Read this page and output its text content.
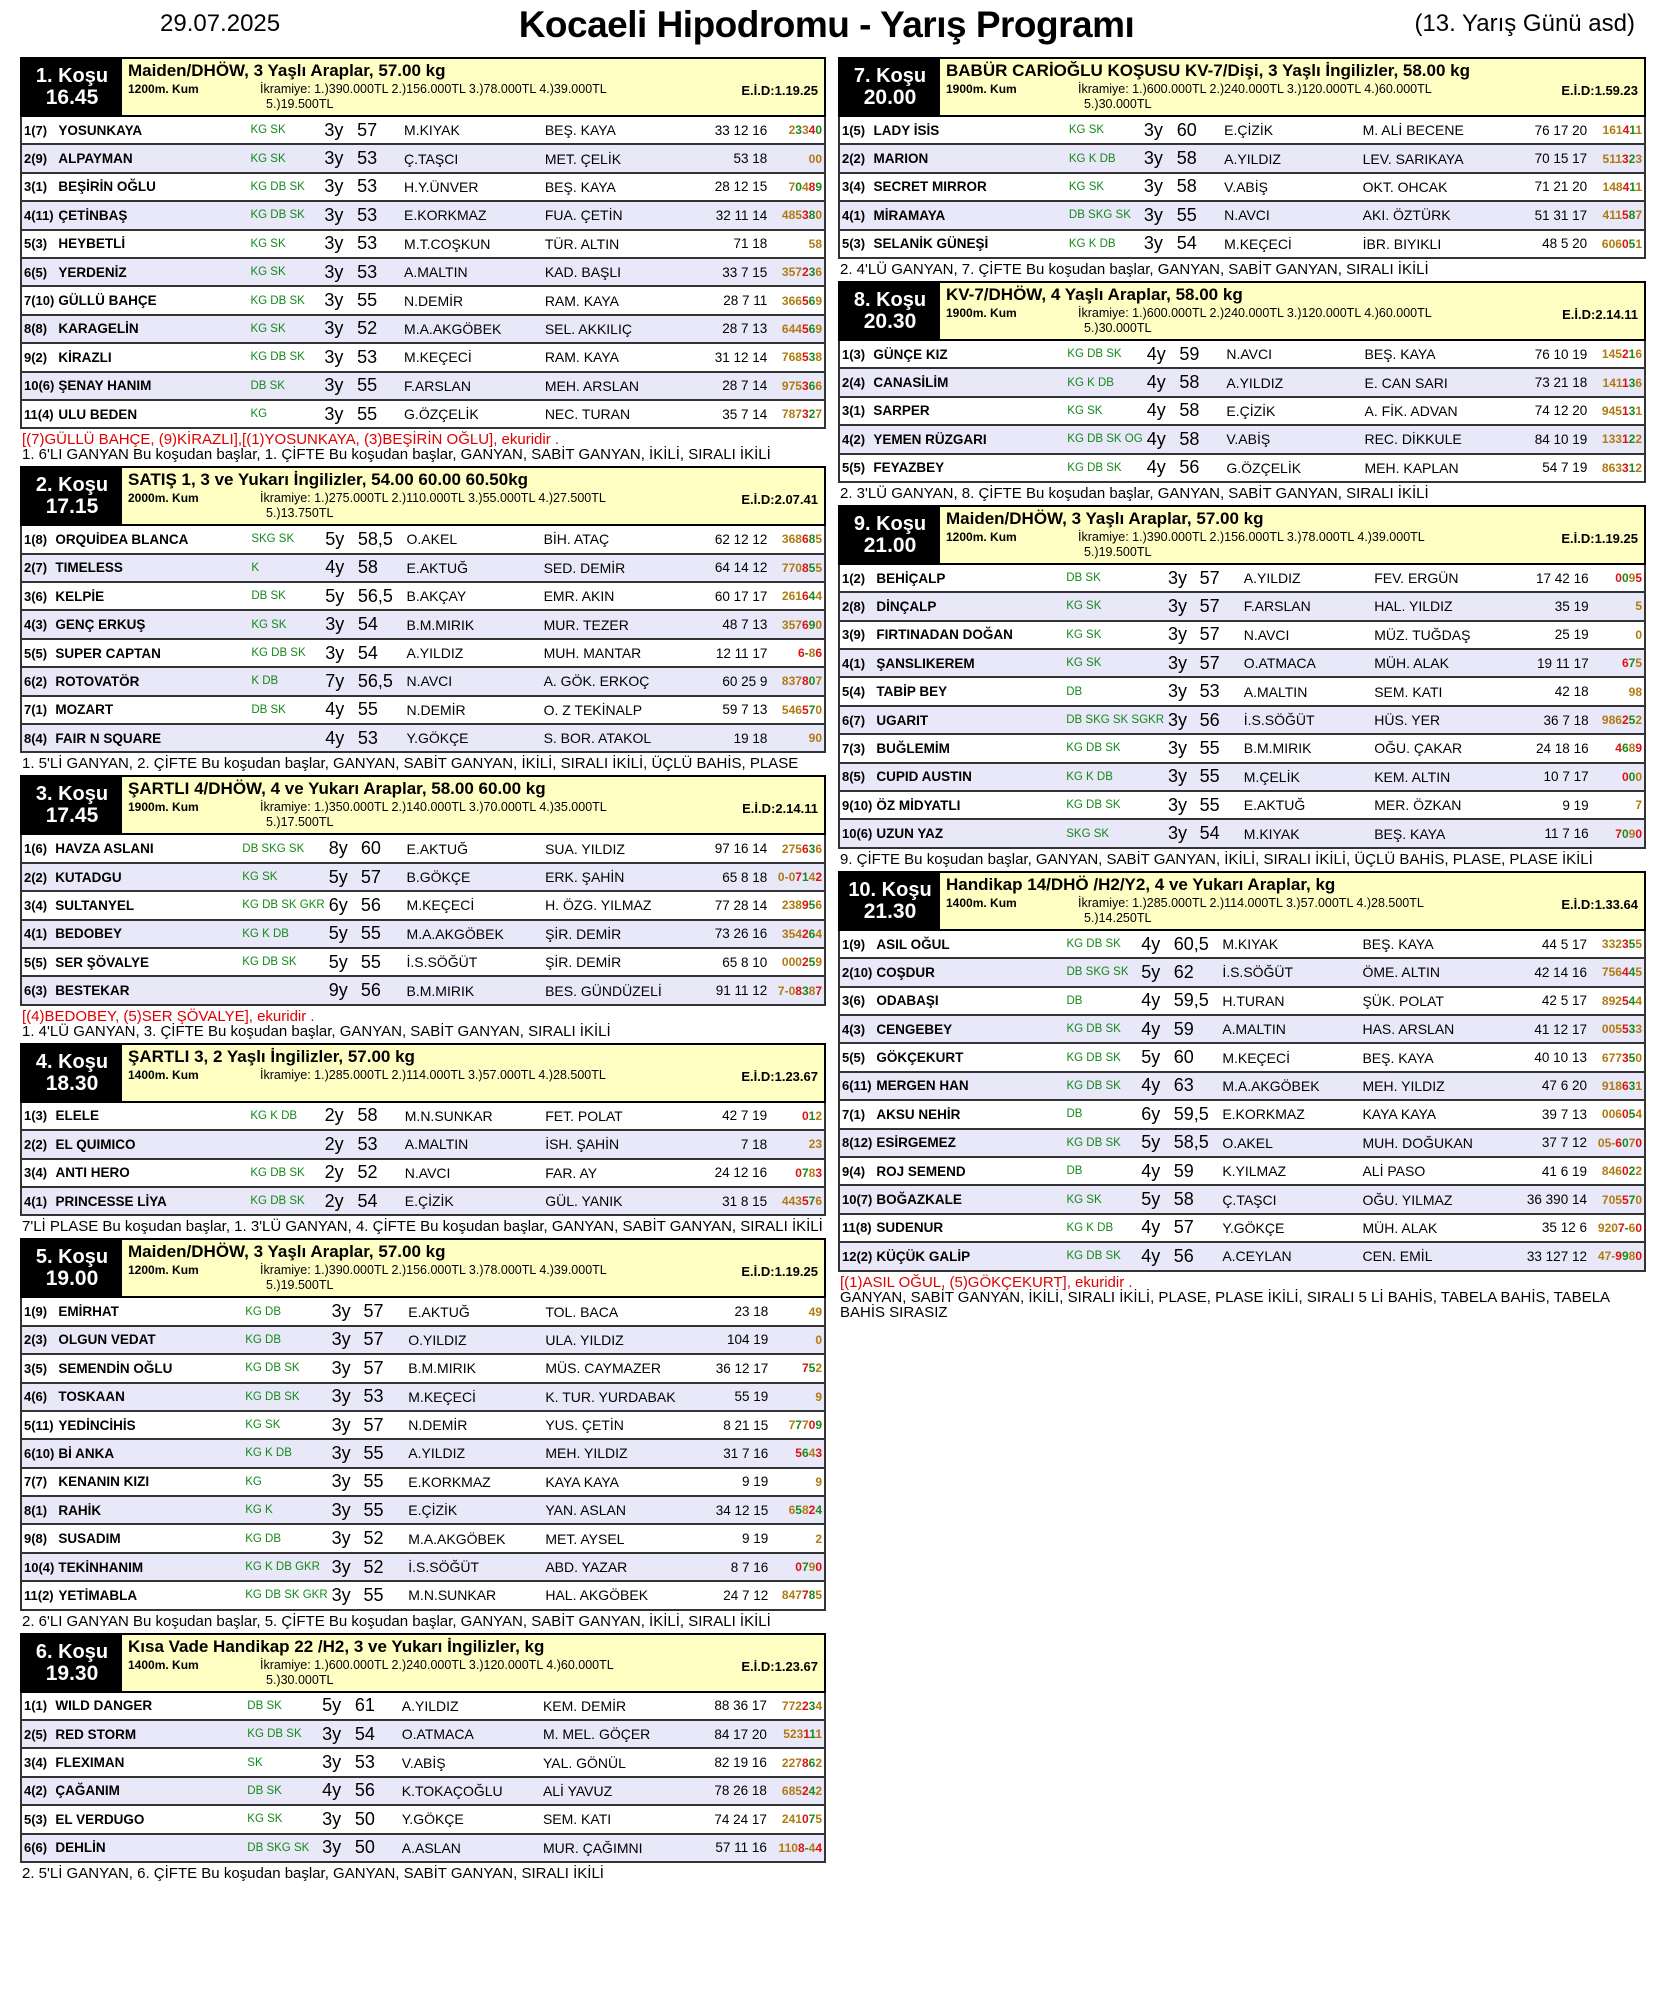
29.07.2025	Kocaeli Hipodromu - Yarış Programı	(13. Yarış Günü asd)
1. Koşu
16.45
Maiden/DHÖW, 3 Yaşlı Araplar, 57.00 kg
1200m. Kum	İkramiye: 1.)390.000TL 2.)156.000TL 3.)78.000TL 4.)39.000TL
5.)19.500TL
E.İ.D:1.19.25
1(7)	YOSUNKAYA	KG SK	3y	57	M.KIYAK	BEŞ. KAYA	33 12 16	23340
2(9)	ALPAYMAN	KG SK	3y	53	Ç.TAŞCI	MET. ÇELİK	53 18	00
3(1)	BEŞİRİN OĞLU	KG DB SK	3y	53	H.Y.ÜNVER	BEŞ. KAYA	28 12 15	70489
4(11)	ÇETİNBAŞ	KG DB SK	3y	53	E.KORKMAZ	FUA. ÇETİN	32 11 14	485380
5(3)	HEYBETLİ	KG SK	3y	53	M.T.COŞKUN	TÜR. ALTIN	71 18	58
6(5)	YERDENİZ	KG SK	3y	53	A.MALTIN	KAD. BAŞLI	33 7 15	357236
7(10)	GÜLLÜ BAHÇE	KG DB SK	3y	55	N.DEMİR	RAM. KAYA	28 7 11	366569
8(8)	KARAGELİN	KG SK	3y	52	M.A.AKGÖBEK	SEL. AKKILIÇ	28 7 13	644569
9(2)	KİRAZLI	KG DB SK	3y	53	M.KEÇECİ	RAM. KAYA	31 12 14	768538
10(6)	ŞENAY HANIM	DB SK	3y	55	F.ARSLAN	MEH. ARSLAN	28 7 14	975366
11(4)	ULU BEDEN	KG	3y	55	G.ÖZÇELİK	NEC. TURAN	35 7 14	787327
[(7)GÜLLÜ BAHÇE, (9)KİRAZLI],[(1)YOSUNKAYA, (3)BEŞİRİN OĞLU], ekuridir .
1. 6'LI GANYAN Bu koşudan başlar, 1. ÇİFTE Bu koşudan başlar, GANYAN, SABİT GANYAN, İKİLİ, SIRALI İKİLİ
2. Koşu
17.15
SATIŞ 1, 3 ve Yukarı İngilizler, 54.00 60.00 60.50kg
2000m. Kum	İkramiye: 1.)275.000TL 2.)110.000TL 3.)55.000TL 4.)27.500TL
5.)13.750TL
E.İ.D:2.07.41
1(8)	ORQUİDEA BLANCA	SKG SK	5y	58,5	O.AKEL	BİH. ATAÇ	62 12 12	368685
2(7)	TIMELESS	K	4y	58	E.AKTUĞ	SED. DEMİR	64 14 12	770855
3(6)	KELPİE	DB SK	5y	56,5	B.AKÇAY	EMR. AKIN	60 17 17	261644
4(3)	GENÇ ERKUŞ	KG SK	3y	54	B.M.MIRIK	MUR. TEZER	48 7 13	357690
5(5)	SUPER CAPTAN	KG DB SK	3y	54	A.YILDIZ	MUH. MANTAR	12 11 17	6-86
6(2)	ROTOVATÖR	K DB	7y	56,5	N.AVCI	A. GÖK. ERKOÇ	60 25 9	837807
7(1)	MOZART	DB SK	4y	55	N.DEMİR	O. Z TEKİNALP	59 7 13	546570
8(4)	FAIR N SQUARE		4y	53	Y.GÖKÇE	S. BOR. ATAKOL	19 18	90
1. 5'Lİ GANYAN, 2. ÇİFTE Bu koşudan başlar, GANYAN, SABİT GANYAN, İKİLİ, SIRALI İKİLİ, ÜÇLÜ BAHİS, PLASE
3. Koşu
17.45
ŞARTLI 4/DHÖW, 4 ve Yukarı Araplar, 58.00 60.00 kg
1900m. Kum	İkramiye: 1.)350.000TL 2.)140.000TL 3.)70.000TL 4.)35.000TL
5.)17.500TL
E.İ.D:2.14.11
1(6)	HAVZA ASLANI	DB SKG SK	8y	60	E.AKTUĞ	SUA. YILDIZ	97 16 14	275636
2(2)	KUTADGU	KG SK	5y	57	B.GÖKÇE	ERK. ŞAHİN	65 8 18	0-07142
3(4)	SULTANYEL	KG DB SK GKR	6y	56	M.KEÇECİ	H. ÖZG. YILMAZ	77 28 14	238956
4(1)	BEDOBEY	KG K DB	5y	55	M.A.AKGÖBEK	ŞİR. DEMİR	73 26 16	354264
5(5)	SER ŞÖVALYE	KG DB SK	5y	55	İ.S.SÖĞÜT	ŞİR. DEMİR	65 8 10	000259
6(3)	BESTEKAR		9y	56	B.M.MIRIK	BES. GÜNDÜZELİ	91 11 12	7-08387
[(4)BEDOBEY, (5)SER ŞÖVALYE], ekuridir .
1. 4'LÜ GANYAN, 3. ÇİFTE Bu koşudan başlar, GANYAN, SABİT GANYAN, SIRALI İKİLİ
4. Koşu
18.30
ŞARTLI 3, 2 Yaşlı İngilizler, 57.00 kg
1400m. Kum	İkramiye: 1.)285.000TL 2.)114.000TL 3.)57.000TL 4.)28.500TL	E.İ.D:1.23.67
1(3)	ELELE	KG K DB	2y	58	M.N.SUNKAR	FET. POLAT	42 7 19	012
2(2)	EL QUIMICO		2y	53	A.MALTIN	İSH. ŞAHİN	7 18	23
3(4)	ANTI HERO	KG DB SK	2y	52	N.AVCI	FAR. AY	24 12 16	0783
4(1)	PRINCESSE LİYA	KG DB SK	2y	54	E.ÇİZİK	GÜL. YANIK	31 8 15	443576
7'Lİ PLASE Bu koşudan başlar, 1. 3'LÜ GANYAN, 4. ÇİFTE Bu koşudan başlar, GANYAN, SABİT GANYAN, SIRALI İKİLİ
5. Koşu
19.00
Maiden/DHÖW, 3 Yaşlı Araplar, 57.00 kg
1200m. Kum	İkramiye: 1.)390.000TL 2.)156.000TL 3.)78.000TL 4.)39.000TL
5.)19.500TL
E.İ.D:1.19.25
1(9)	EMİRHAT	KG DB	3y	57	E.AKTUĞ	TOL. BACA	23 18	49
2(3)	OLGUN VEDAT	KG DB	3y	57	O.YILDIZ	ULA. YILDIZ	104 19	0
3(5)	SEMENDİN OĞLU	KG DB SK	3y	57	B.M.MIRIK	MÜS. CAYMAZER	36 12 17	752
4(6)	TOSKAAN	KG DB SK	3y	53	M.KEÇECİ	K. TUR. YURDABAK	55 19	9
5(11)	YEDİNCİHİS	KG SK	3y	57	N.DEMİR	YUS. ÇETİN	8 21 15	77709
6(10)	Bİ ANKA	KG K DB	3y	55	A.YILDIZ	MEH. YILDIZ	31 7 16	5643
7(7)	KENANIN KIZI	KG	3y	55	E.KORKMAZ	KAYA KAYA	9 19	9
8(1)	RAHİK	KG K	3y	55	E.ÇİZİK	YAN. ASLAN	34 12 15	65824
9(8)	SUSADIM	KG DB	3y	52	M.A.AKGÖBEK	MET. AYSEL	9 19	2
10(4)	TEKİNHANIM	KG K DB GKR	3y	52	İ.S.SÖĞÜT	ABD. YAZAR	8 7 16	0790
11(2)	YETİMABLA	KG DB SK GKR	3y	55	M.N.SUNKAR	HAL. AKGÖBEK	24 7 12	847785
2. 6'LI GANYAN Bu koşudan başlar, 5. ÇİFTE Bu koşudan başlar, GANYAN, SABİT GANYAN, İKİLİ, SIRALI İKİLİ
6. Koşu
19.30
Kısa Vade Handikap 22 /H2, 3 ve Yukarı İngilizler, kg
1400m. Kum	İkramiye: 1.)600.000TL 2.)240.000TL 3.)120.000TL 4.)60.000TL
5.)30.000TL
E.İ.D:1.23.67
1(1)	WILD DANGER	DB SK	5y	61	A.YILDIZ	KEM. DEMİR	88 36 17	772234
2(5)	RED STORM	KG DB SK	3y	54	O.ATMACA	M. MEL. GÖÇER	84 17 20	523111
3(4)	FLEXIMAN	SK	3y	53	V.ABİŞ	YAL. GÖNÜL	82 19 16	227862
4(2)	ÇAĞANIM	DB SK	4y	56	K.TOKAÇOĞLU	ALİ YAVUZ	78 26 18	685242
5(3)	EL VERDUGO	KG SK	3y	50	Y.GÖKÇE	SEM. KATI	74 24 17	241075
6(6)	DEHLİN	DB SKG SK	3y	50	A.ASLAN	MUR. ÇAĞIMNI	57 11 16	1108-44
2. 5'Lİ GANYAN, 6. ÇİFTE Bu koşudan başlar, GANYAN, SABİT GANYAN, SIRALI İKİLİ
7. Koşu
20.00
BABÜR CARİOĞLU KOŞUSU KV-7/Dişi, 3 Yaşlı İngilizler, 58.00 kg
1900m. Kum	İkramiye: 1.)600.000TL 2.)240.000TL 3.)120.000TL 4.)60.000TL
5.)30.000TL
E.İ.D:1.59.23
1(5)	LADY İSİS	KG SK	3y	60	E.ÇİZİK	M. ALİ BECENE	76 17 20	161411
2(2)	MARION	KG K DB	3y	58	A.YILDIZ	LEV. SARIKAYA	70 15 17	511323
3(4)	SECRET MIRROR	KG SK	3y	58	V.ABİŞ	OKT. OHCAK	71 21 20	148411
4(1)	MİRAMAYA	DB SKG SK	3y	55	N.AVCI	AKI. ÖZTÜRK	51 31 17	411587
5(3)	SELANİK GÜNEŞİ	KG K DB	3y	54	M.KEÇECİ	İBR. BIYIKLI	48 5 20	606051
2. 4'LÜ GANYAN, 7. ÇİFTE Bu koşudan başlar, GANYAN, SABİT GANYAN, SIRALI İKİLİ
8. Koşu
20.30
KV-7/DHÖW, 4 Yaşlı Araplar, 58.00 kg
1900m. Kum	İkramiye: 1.)600.000TL 2.)240.000TL 3.)120.000TL 4.)60.000TL
5.)30.000TL
E.İ.D:2.14.11
1(3)	GÜNÇE KIZ	KG DB SK	4y	59	N.AVCI	BEŞ. KAYA	76 10 19	145216
2(4)	CANASİLİM	KG K DB	4y	58	A.YILDIZ	E. CAN SARI	73 21 18	141136
3(1)	SARPER	KG SK	4y	58	E.ÇİZİK	A. FİK. ADVAN	74 12 20	945131
4(2)	YEMEN RÜZGARI	KG DB SK OG	4y	58	V.ABİŞ	REC. DİKKULE	84 10 19	133122
5(5)	FEYAZBEY	KG DB SK	4y	56	G.ÖZÇELİK	MEH. KAPLAN	54 7 19	863312
2. 3'LÜ GANYAN, 8. ÇİFTE Bu koşudan başlar, GANYAN, SABİT GANYAN, SIRALI İKİLİ
9. Koşu
21.00
Maiden/DHÖW, 3 Yaşlı Araplar, 57.00 kg
1200m. Kum	İkramiye: 1.)390.000TL 2.)156.000TL 3.)78.000TL 4.)39.000TL
5.)19.500TL
E.İ.D:1.19.25
1(2)	BEHİÇALP	DB SK	3y	57	A.YILDIZ	FEV. ERGÜN	17 42 16	0095
2(8)	DİNÇALP	KG SK	3y	57	F.ARSLAN	HAL. YILDIZ	35 19	5
3(9)	FIRTINADAN DOĞAN	KG SK	3y	57	N.AVCI	MÜZ. TUĞDAŞ	25 19	0
4(1)	ŞANSLIKEREM	KG SK	3y	57	O.ATMACA	MÜH. ALAK	19 11 17	675
5(4)	TABİP BEY	DB	3y	53	A.MALTIN	SEM. KATI	42 18	98
6(7)	UGARIT	DB SKG SK SGKR	3y	56	İ.S.SÖĞÜT	HÜS. YER	36 7 18	986252
7(3)	BUĞLEMİM	KG DB SK	3y	55	B.M.MIRIK	OĞU. ÇAKAR	24 18 16	4689
8(5)	CUPID AUSTIN	KG K DB	3y	55	M.ÇELİK	KEM. ALTIN	10 7 17	000
9(10)	ÖZ MİDYATLI	KG DB SK	3y	55	E.AKTUĞ	MER. ÖZKAN	9 19	7
10(6)	UZUN YAZ	SKG SK	3y	54	M.KIYAK	BEŞ. KAYA	11 7 16	7090
9. ÇİFTE Bu koşudan başlar, GANYAN, SABİT GANYAN, İKİLİ, SIRALI İKİLİ, ÜÇLÜ BAHİS, PLASE, PLASE İKİLİ
10. Koşu
21.30
Handikap 14/DHÖ /H2/Y2, 4 ve Yukarı Araplar, kg
1400m. Kum	İkramiye: 1.)285.000TL 2.)114.000TL 3.)57.000TL 4.)28.500TL
5.)14.250TL
E.İ.D:1.33.64
1(9)	ASIL OĞUL	KG DB SK	4y	60,5	M.KIYAK	BEŞ. KAYA	44 5 17	332355
2(10)	COŞDUR	DB SKG SK	5y	62	İ.S.SÖĞÜT	ÖME. ALTIN	42 14 16	756445
3(6)	ODABAŞI	DB	4y	59,5	H.TURAN	ŞÜK. POLAT	42 5 17	892544
4(3)	CENGEBEY	KG DB SK	4y	59	A.MALTIN	HAS. ARSLAN	41 12 17	005533
5(5)	GÖKÇEKURT	KG DB SK	5y	60	M.KEÇECİ	BEŞ. KAYA	40 10 13	677350
6(11)	MERGEN HAN	KG DB SK	4y	63	M.A.AKGÖBEK	MEH. YILDIZ	47 6 20	918631
7(1)	AKSU NEHİR	DB	6y	59,5	E.KORKMAZ	KAYA KAYA	39 7 13	006054
8(12)	ESİRGEMEZ	KG DB SK	5y	58,5	O.AKEL	MUH. DOĞUKAN	37 7 12	05-6070
9(4)	ROJ SEMEND	DB	4y	59	K.YILMAZ	ALİ PASO	41 6 19	846022
10(7)	BOĞAZKALE	KG SK	5y	58	Ç.TAŞCI	OĞU. YILMAZ	36 390 14	705570
11(8)	SUDENUR	KG K DB	4y	57	Y.GÖKÇE	MÜH. ALAK	35 12 6	9207-60
12(2)	KÜÇÜK GALİP	KG DB SK	4y	56	A.CEYLAN	CEN. EMİL	33 127 12	47-9980
[(1)ASIL OĞUL, (5)GÖKÇEKURT], ekuridir .
GANYAN, SABİT GANYAN, İKİLİ, SIRALI İKİLİ, PLASE, PLASE İKİLİ, SIRALI 5 Lİ BAHİS, TABELA BAHİS, TABELA BAHİS SIRASIZ
